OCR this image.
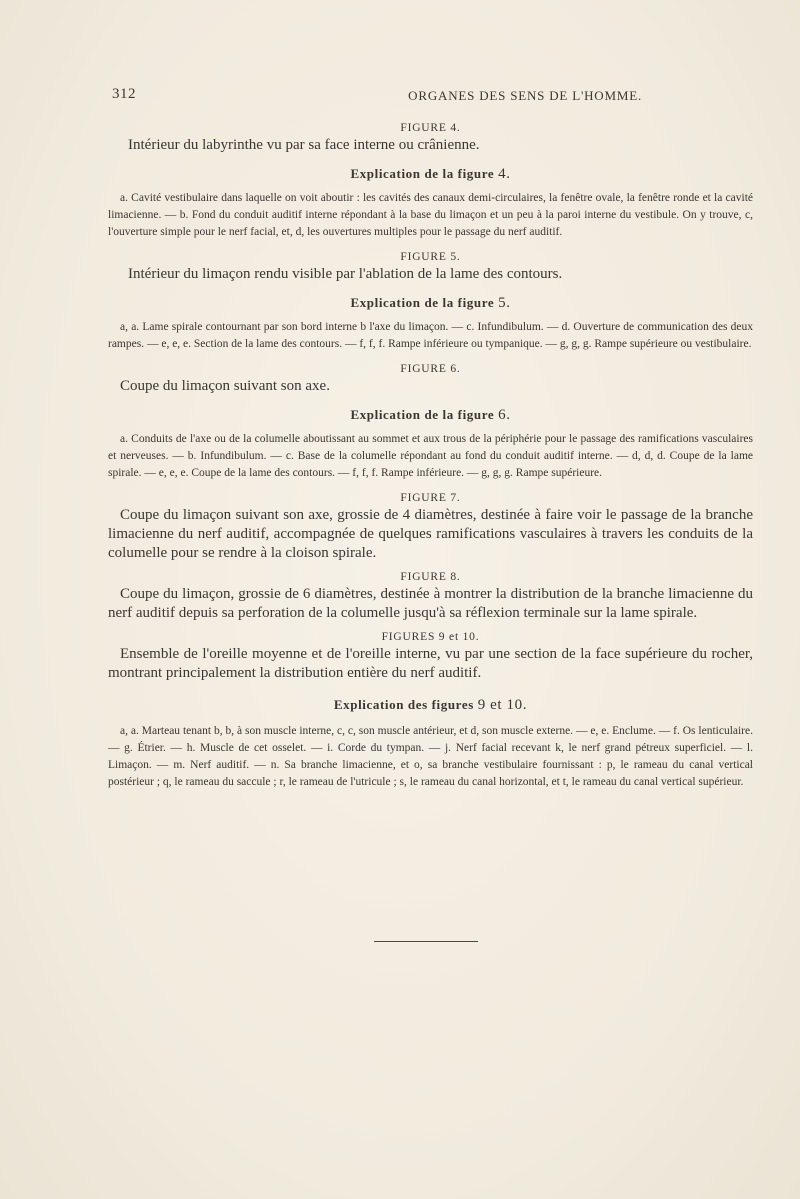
312	ORGANES DES SENS DE L'HOMME.

FIGURE 4.

Intérieur du labyrinthe vu par sa face interne ou crânienne.

Explication de la figure 4.

a. Cavité vestibulaire dans laquelle on voit aboutir : les cavités des canaux demi-circulaires, la fenêtre ovale, la fenêtre ronde et la cavité limacienne. — b. Fond du conduit auditif interne répondant à la base du limaçon et un peu à la paroi interne du vestibule. On y trouve, c, l'ouverture simple pour le nerf facial, et, d, les ouvertures multiples pour le passage du nerf auditif.

FIGURE 5.

Intérieur du limaçon rendu visible par l'ablation de la lame des contours.

Explication de la figure 5.

a, a. Lame spirale contournant par son bord interne b l'axe du limaçon. — c. Infundibulum. — d. Ouverture de communication des deux rampes. — e, e, e. Section de la lame des contours. — f, f, f. Rampe inférieure ou tympanique. — g, g, g. Rampe supérieure ou vestibulaire.

FIGURE 6.

Coupe du limaçon suivant son axe.

Explication de la figure 6.

a. Conduits de l'axe ou de la columelle aboutissant au sommet et aux trous de la périphérie pour le passage des ramifications vasculaires et nerveuses. — b. Infundibulum. — c. Base de la columelle répondant au fond du conduit auditif interne. — d, d, d. Coupe de la lame spirale. — e, e, e. Coupe de la lame des contours. — f, f, f. Rampe inférieure. — g, g, g. Rampe supérieure.

FIGURE 7.

Coupe du limaçon suivant son axe, grossie de 4 diamètres, destinée à faire voir le passage de la branche limacienne du nerf auditif, accompagnée de quelques ramifications vasculaires à travers les conduits de la columelle pour se rendre à la cloison spirale.

FIGURE 8.

Coupe du limaçon, grossie de 6 diamètres, destinée à montrer la distribution de la branche limacienne du nerf auditif depuis sa perforation de la columelle jusqu'à sa réflexion terminale sur la lame spirale.

FIGURES 9 et 10.

Ensemble de l'oreille moyenne et de l'oreille interne, vu par une section de la face supérieure du rocher, montrant principalement la distribution entière du nerf auditif.

Explication des figures 9 et 10.

a, a. Marteau tenant b, b, à son muscle interne, c, c, son muscle antérieur, et d, son muscle externe. — e, e. Enclume. — f. Os lenticulaire. — g. Étrier. — h. Muscle de cet osselet. — i. Corde du tympan. — j. Nerf facial recevant k, le nerf grand pétreux superficiel. — l. Limaçon. — m. Nerf auditif. — n. Sa branche limacienne, et o, sa branche vestibulaire fournissant : p, le rameau du canal vertical postérieur ; q, le rameau du saccule ; r, le rameau de l'utricule ; s, le rameau du canal horizontal, et t, le rameau du canal vertical supérieur.
